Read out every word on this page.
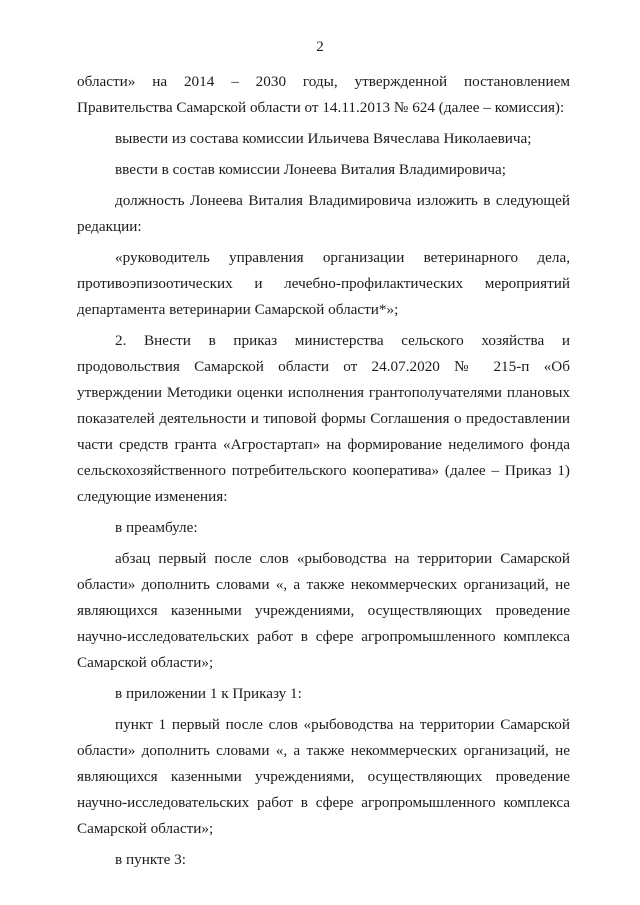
2
области» на 2014 – 2030 годы, утвержденной постановлением
Правительства Самарской области от 14.11.2013 № 624 (далее – комиссия):
вывести из состава комиссии Ильичева Вячеслава Николаевича;
ввести в состав комиссии Лонеева Виталия Владимировича;
должность Лонеева Виталия Владимировича изложить в следующей
редакции:
«руководитель управления организации ветеринарного дела,
противоэпизоотических и лечебно-профилактических мероприятий
департамента ветеринарии Самарской области*»;
2. Внести в приказ министерства сельского хозяйства и
продовольствия Самарской области от 24.07.2020 № 215-п «Об
утверждении Методики оценки исполнения грантополучателями плановых
показателей деятельности и типовой формы Соглашения о предоставлении
части средств гранта «Агростартап» на формирование неделимого фонда
сельскохозяйственного потребительского кооператива» (далее – Приказ 1)
следующие изменения:
в преамбуле:
абзац первый после слов «рыбоводства на территории Самарской
области» дополнить словами «, а также некоммерческих организаций, не
являющихся казенными учреждениями, осуществляющих проведение
научно-исследовательских работ в сфере агропромышленного комплекса
Самарской области»;
в приложении 1 к Приказу 1:
пункт 1 первый после слов «рыбоводства на территории Самарской
области» дополнить словами «, а также некоммерческих организаций, не
являющихся казенными учреждениями, осуществляющих проведение
научно-исследовательских работ в сфере агропромышленного комплекса
Самарской области»;
в пункте 3:
